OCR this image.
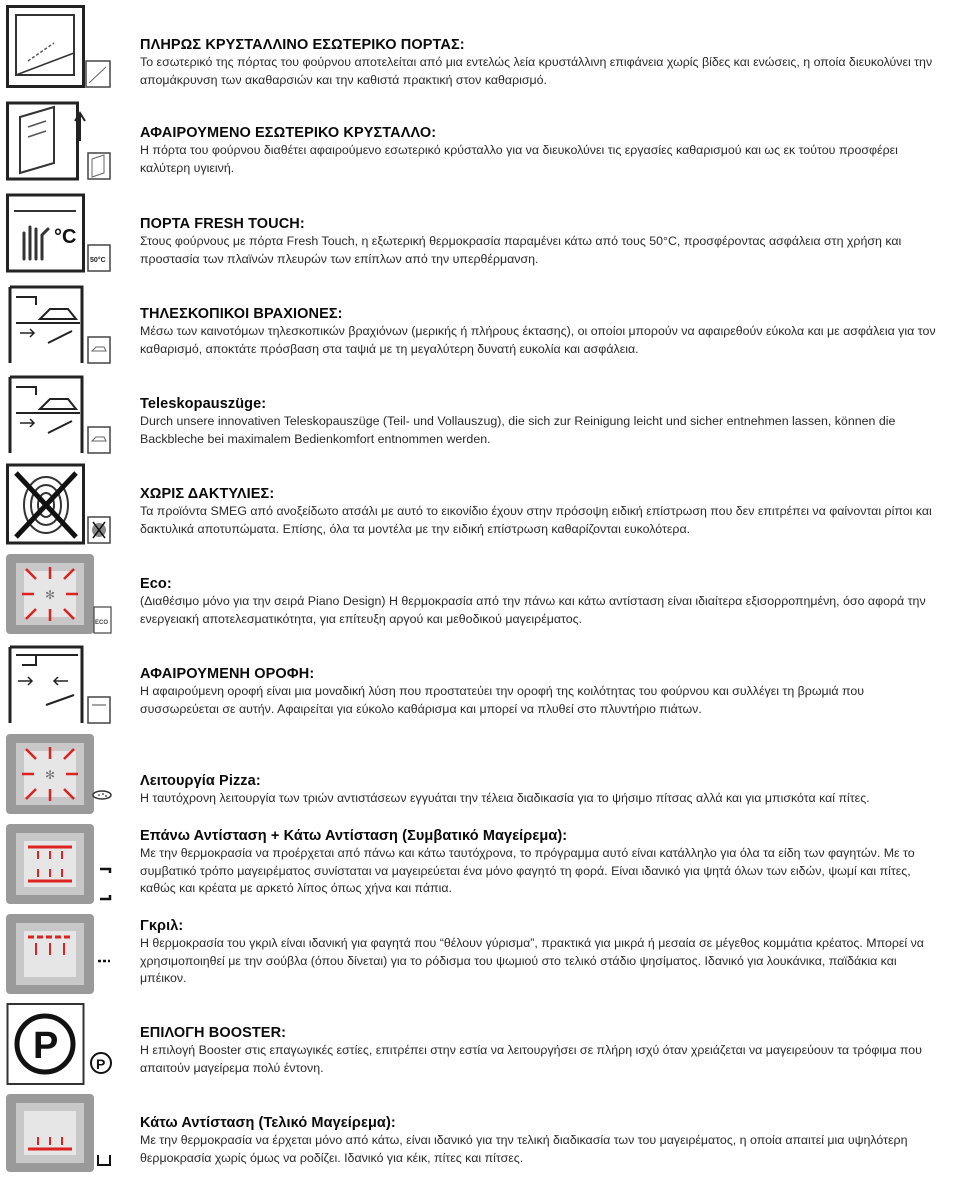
ΠΛΗΡΩΣ ΚΡΥΣΤΑΛΛΙΝΟ ΕΣΩΤΕΡΙΚΟ ΠΟΡΤΑΣ:
Το εσωτερικό της πόρτας του φούρνου αποτελείται από μια εντελώς λεία κρυστάλλινη επιφάνεια χωρίς βίδες και ενώσεις, η οποία διευκολύνει την απομάκρυνση των ακαθαρσιών και την καθιστά πρακτική στον καθαρισμό.
ΑΦΑΙΡΟΥΜΕΝΟ ΕΣΩΤΕΡΙΚΟ ΚΡΥΣΤΑΛΛΟ:
Η πόρτα του φούρνου διαθέτει αφαιρούμενο εσωτερικό κρύσταλλο για να διευκολύνει τις εργασίες καθαρισμού και ως εκ τούτου προσφέρει καλύτερη υγιεινή.
°C
50°C
ΠΟΡΤΑ FRESH TOUCH:
Στους φούρνους με πόρτα Fresh Touch, η εξωτερική θερμοκρασία παραμένει κάτω από τους 50°C, προσφέροντας ασφάλεια στη χρήση και προστασία των πλαϊνών πλευρών των επίπλων από την υπερθέρμανση.
ΤΗΛΕΣΚΟΠΙΚΟΙ ΒΡΑΧΙΟΝΕΣ:
Μέσω των καινοτόμων τηλεσκοπικών βραχιόνων (μερικής ή πλήρους έκτασης), οι οποίοι μπορούν να αφαιρεθούν εύκολα και με ασφάλεια για τον καθαρισμό, αποκτάτε πρόσβαση στα ταψιά με τη μεγαλύτερη δυνατή ευκολία και ασφάλεια.
Teleskopauszüge:
Durch unsere innovativen Teleskopauszüge (Teil- und Vollauszug), die sich zur Reinigung leicht und sicher entnehmen lassen, können die Backbleche bei maximalem Bedienkomfort entnommen werden.
ΧΩΡΙΣ ΔΑΚΤΥΛΙΕΣ:
Τα προϊόντα SMEG από ανοξείδωτο ατσάλι με αυτό το εικονίδιο έχουν στην πρόσοψη ειδική επίστρωση που δεν επιτρέπει να φαίνονται ρίποι και δακτυλικά αποτυπώματα. Επίσης, όλα τα μοντέλα με την ειδική επίστρωση καθαρίζονται ευκολότερα.
✻
ECO
Eco:
(Διαθέσιμο μόνο για την σειρά Piano Design) Η θερμοκρασία από την πάνω και κάτω αντίσταση είναι ιδιαίτερα εξισορροπημένη, όσο αφορά την ενεργειακή αποτελεσματικότητα, για επίτευξη αργού και μεθοδικού μαγειρέματος.
ΑΦΑΙΡΟΥΜΕΝΗ ΟΡΟΦΗ:
Η αφαιρούμενη οροφή είναι μια μοναδική λύση που προστατεύει την οροφή της κοιλότητας του φούρνου και συλλέγει τη βρωμιά που συσσωρεύεται σε αυτήν. Αφαιρείται για εύκολο καθάρισμα και μπορεί να πλυθεί στο πλυντήριο πιάτων.
✻	Λειτουργία Pizza:
Η ταυτόχρονη λειτουργία των τριών αντιστάσεων εγγυάται την τέλεια διαδικασία για το ψήσιμο πίτσας αλλά και για μπισκότα καί πίτες.
Επάνω Αντίσταση + Κάτω Αντίσταση (Συμβατικό Μαγείρεμα):
Με την θερμοκρασία να προέρχεται από πάνω και κάτω ταυτόχρονα, το πρόγραμμα αυτό είναι κατάλληλο για όλα τα είδη των φαγητών. Με το συμβατικό τρόπο μαγειρέματος συνίσταται να μαγειρεύεται ένα μόνο φαγητό τη φορά. Είναι ιδανικό για ψητά όλων των ειδών, ψωμί και πίτες, καθώς και κρέατα με αρκετό λίπος όπως χήνα και πάπια.
Γκριλ:
Η θερμοκρασία του γκριλ είναι ιδανική για φαγητά που “θέλουν γύρισμα”, πρακτικά για μικρά ή μεσαία σε μέγεθος κομμάτια κρέατος. Μπορεί να χρησιμοποιηθεί με την σούβλα (όπου δίνεται) για το ρόδισμα του ψωμιού στο τελικό στάδιο ψησίματος. Ιδανικό για λουκάνικα, παϊδάκια και μπέικον.
P	P
ΕΠΙΛΟΓΗ BOOSTER:
Η επιλογή Booster στις επαγωγικές εστίες, επιτρέπει στην εστία να λειτουργήσει σε πλήρη ισχύ όταν χρειάζεται να μαγειρεύουν τα τρόφιμα που απαιτούν μαγείρεμα πολύ έντονη.
Κάτω Αντίσταση (Τελικό Μαγείρεμα):
Με την θερμοκρασία να έρχεται μόνο από κάτω, είναι ιδανικό για την τελική διαδικασία των του μαγειρέματος, η οποία απαιτεί μια υψηλότερη θερμοκρασία χωρίς όμως να ροδίζει. Ιδανικό για κέικ, πίτες και πίτσες.
